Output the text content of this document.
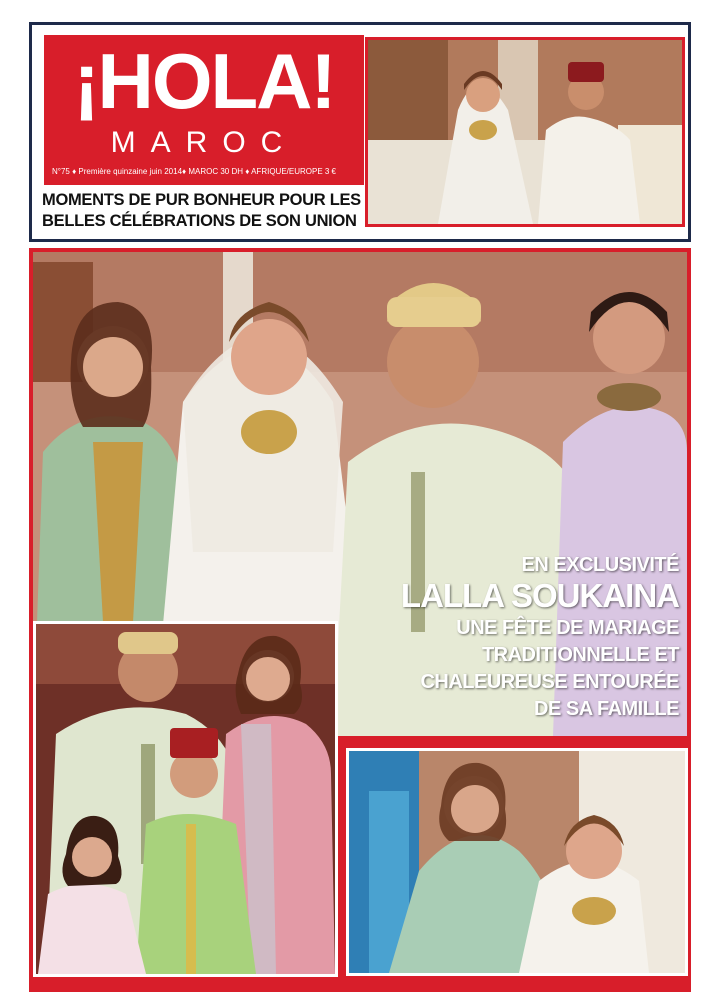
¡HOLA!
MAROC
N°75 ♦ Première quinzaine juin 2014♦ MAROC 30 DH ♦ AFRIQUE/EUROPE 3 €
MOMENTS DE PUR BONHEUR POUR LES BELLES CÉLÉBRATIONS DE SON UNION
EN EXCLUSIVITÉ
LALLA SOUKAINA
UNE FÊTE DE MARIAGE
TRADITIONNELLE ET
CHALEUREUSE ENTOURÉE
DE SA FAMILLE
